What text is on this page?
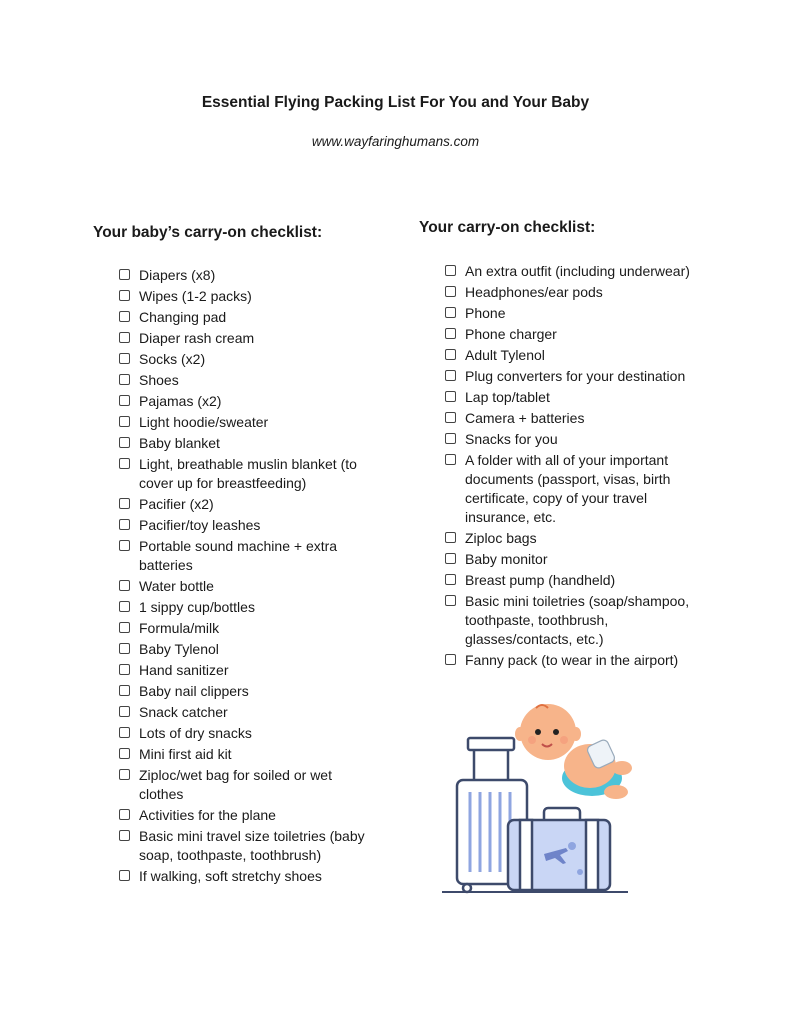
Essential Flying Packing List For You and Your Baby
www.wayfaringhumans.com
Your baby’s carry-on checklist:
Diapers (x8)
Wipes (1-2 packs)
Changing pad
Diaper rash cream
Socks (x2)
Shoes
Pajamas (x2)
Light hoodie/sweater
Baby blanket
Light, breathable muslin blanket (to cover up for breastfeeding)
Pacifier (x2)
Pacifier/toy leashes
Portable sound machine + extra batteries
Water bottle
1 sippy cup/bottles
Formula/milk
Baby Tylenol
Hand sanitizer
Baby nail clippers
Snack catcher
Lots of dry snacks
Mini first aid kit
Ziploc/wet bag for soiled or wet clothes
Activities for the plane
Basic mini travel size toiletries (baby soap, toothpaste, toothbrush)
If walking, soft stretchy shoes
Your carry-on checklist:
An extra outfit (including underwear)
Headphones/ear pods
Phone
Phone charger
Adult Tylenol
Plug converters for your destination
Lap top/tablet
Camera + batteries
Snacks for you
A folder with all of your important documents (passport, visas, birth certificate, copy of your travel insurance, etc.
Ziploc bags
Baby monitor
Breast pump (handheld)
Basic mini toiletries (soap/shampoo, toothpaste, toothbrush, glasses/contacts, etc.)
Fanny pack (to wear in the airport)
